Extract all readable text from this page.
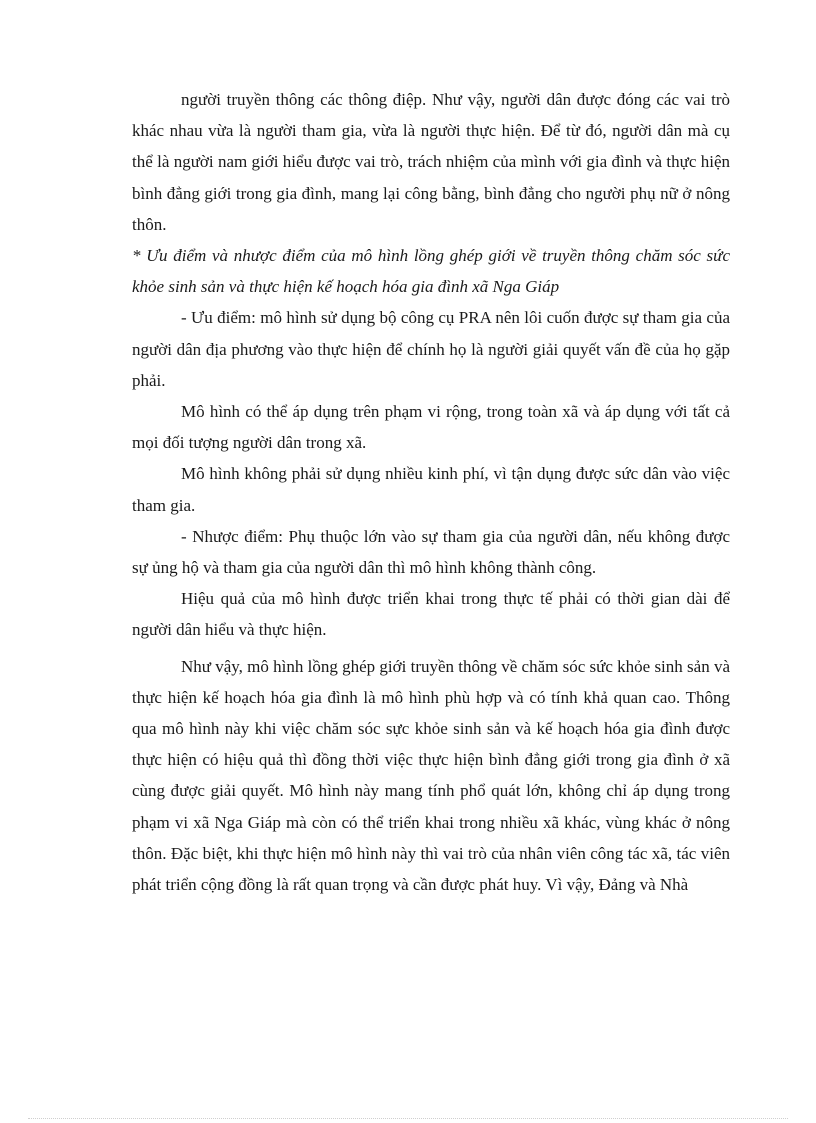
người truyền thông các thông điệp. Như vậy, người dân được đóng các vai trò khác nhau vừa là người tham gia, vừa là người thực hiện. Để từ đó, người dân mà cụ thể là người nam giới hiểu được vai trò, trách nhiệm của mình với gia đình và thực hiện bình đẳng giới trong gia đình, mang lại công bằng, bình đẳng cho người phụ nữ ở nông thôn.

* Ưu điểm và nhược điểm của mô hình lồng ghép giới về truyền thông chăm sóc sức khỏe sinh sản và thực hiện kế hoạch hóa gia đình xã Nga Giáp

- Ưu điểm: mô hình sử dụng bộ công cụ PRA nên lôi cuốn được sự tham gia của người dân địa phương vào thực hiện để chính họ là người giải quyết vấn đề của họ gặp phải.

Mô hình có thể áp dụng trên phạm vi rộng, trong toàn xã và áp dụng với tất cả mọi đối tượng người dân trong xã.

Mô hình không phải sử dụng nhiều kinh phí, vì tận dụng được sức dân vào việc tham gia.

- Nhược điểm: Phụ thuộc lớn vào sự tham gia của người dân, nếu không được sự ủng hộ và tham gia của người dân thì mô hình không thành công.

Hiệu quả của mô hình được triển khai trong thực tế phải có thời gian dài để người dân hiểu và thực hiện.

Như vậy, mô hình lồng ghép giới truyền thông về chăm sóc sức khỏe sinh sản và thực hiện kế hoạch hóa gia đình là mô hình phù hợp và có tính khả quan cao. Thông qua mô hình này khi việc chăm sóc sực khỏe sinh sản và kế hoạch hóa gia đình được thực hiện có hiệu quả thì đồng thời việc thực hiện bình đẳng giới trong gia đình ở xã cùng được giải quyết. Mô hình này mang tính phổ quát lớn, không chỉ áp dụng trong phạm vi xã Nga Giáp mà còn có thể triển khai trong nhiều xã khác, vùng khác ở nông thôn. Đặc biệt, khi thực hiện mô hình này thì vai trò của nhân viên công tác xã, tác viên phát triển cộng đồng là rất quan trọng và cần được phát huy. Vì vậy, Đảng và Nhà
